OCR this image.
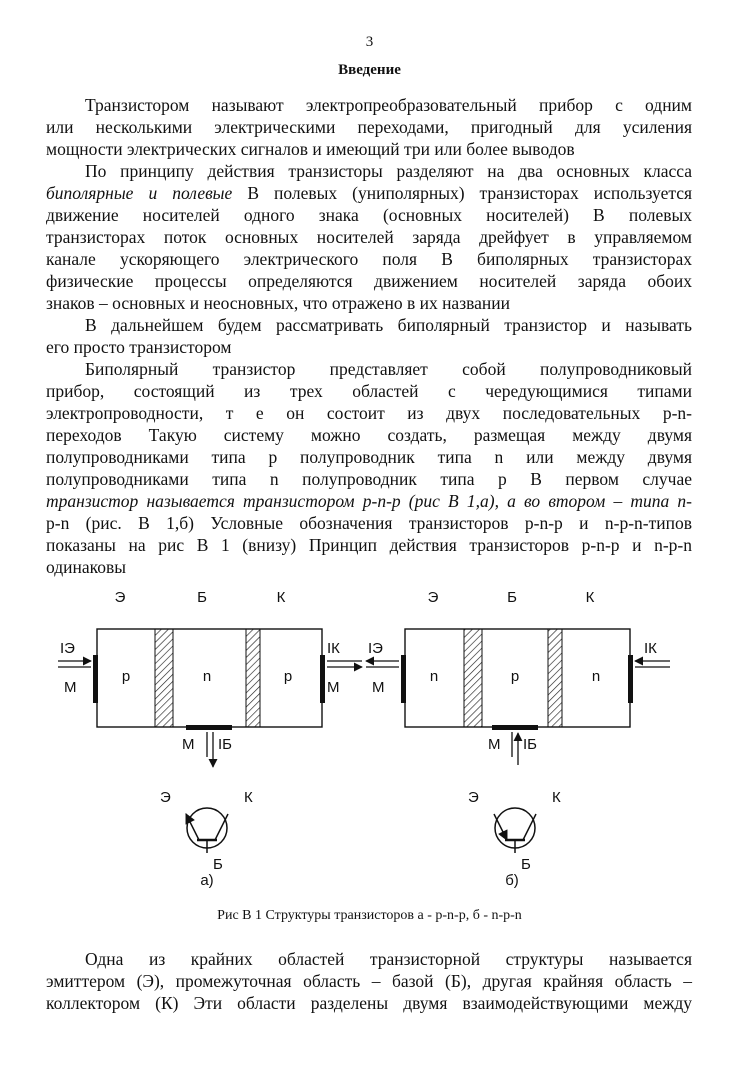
3
Введение
Транзистором называют электропреобразовательный прибор с одним
или несколькими электрическими переходами, пригодный для усиления
мощности электрических сигналов и имеющий три или более выводов
По принципу действия транзисторы разделяют на два основных класса
биполярные и полевые В полевых (униполярных) транзисторах используется
движение носителей одного знака (основных носителей) В полевых
транзисторах поток основных носителей заряда дрейфует в управляемом
канале ускоряющего электрического поля В биполярных транзисторах
физические процессы определяются движением носителей заряда обоих
знаков – основных и неосновных, что отражено в их названии
В дальнейшем будем рассматривать биполярный транзистор и называть
его просто транзистором
Биполярный транзистор представляет собой полупроводниковый
прибор, состоящий из трех областей с чередующимися типами
электропроводности, т е он состоит из двух последовательных p-n-
переходов Такую систему можно создать, размещая между двумя
полупроводниками типа p полупроводник типа n или между двумя
полупроводниками типа n полупроводник типа p В первом случае
транзистор называется транзистором p-n-p (рис В 1,а), а во втором – типа n-
p-n (рис. В 1,б) Условные обозначения транзисторов p-n-p и n-p-n-типов
показаны на рис В 1 (внизу) Принцип действия транзисторов p-n-p и n-p-n
одинаковы
Э	Б	К
p	n	p
IЭ
M
IК
M
M IБ
Э	К
Б
а)
Э	Б	К
n	p	n
IЭ
M
IК
M IБ
Э	К
Б
б)
Рис В 1 Структуры транзисторов а - p-n-p, б - n-p-n
Одна из крайних областей транзисторной структуры называется
эмиттером (Э), промежуточная область – базой (Б), другая крайняя область –
коллектором (К) Эти области разделены двумя взаимодействующими между
